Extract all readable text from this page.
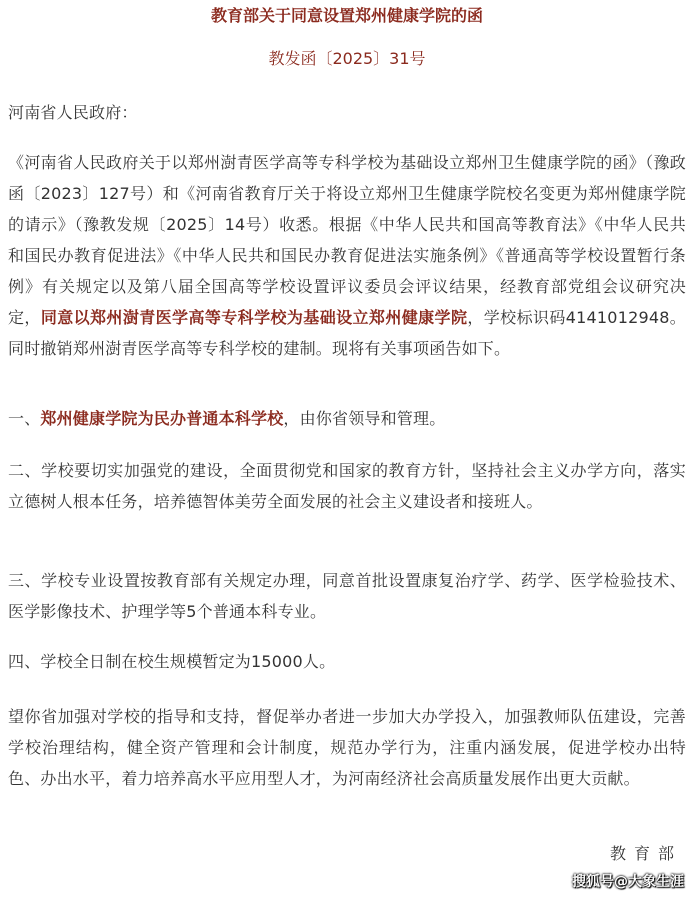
教育部关于同意设置郑州健康学院的函
教发函〔2025〕31号

河南省人民政府：

《河南省人民政府关于以郑州澍青医学高等专科学校为基础设立郑州卫生健康学院的函》（豫政函〔2023〕127号）和《河南省教育厅关于将设立郑州卫生健康学院校名变更为郑州健康学院的请示》（豫教发规〔2025〕14号）收悉。根据《中华人民共和国高等教育法》《中华人民共和国民办教育促进法》《中华人民共和国民办教育促进法实施条例》《普通高等学校设置暂行条例》有关规定以及第八届全国高等学校设置评议委员会评议结果，经教育部党组会议研究决定，同意以郑州澍青医学高等专科学校为基础设立郑州健康学院，学校标识码4141012948。同时撤销郑州澍青医学高等专科学校的建制。现将有关事项函告如下。

一、郑州健康学院为民办普通本科学校，由你省领导和管理。

二、学校要切实加强党的建设，全面贯彻党和国家的教育方针，坚持社会主义办学方向，落实立德树人根本任务，培养德智体美劳全面发展的社会主义建设者和接班人。

三、学校专业设置按教育部有关规定办理，同意首批设置康复治疗学、药学、医学检验技术、医学影像技术、护理学等5个普通本科专业。

四、学校全日制在校生规模暂定为15000人。

望你省加强对学校的指导和支持，督促举办者进一步加大办学投入，加强教师队伍建设，完善学校治理结构，健全资产管理和会计制度，规范办学行为，注重内涵发展，促进学校办出特色、办出水平，着力培养高水平应用型人才，为河南经济社会高质量发展作出更大贡献。

教育部
搜狐号@大象生涯
